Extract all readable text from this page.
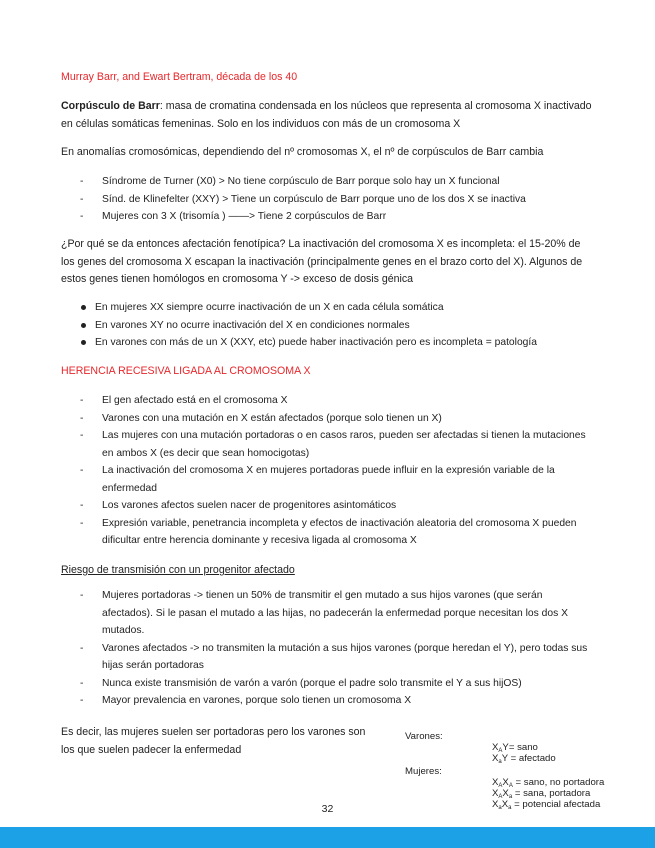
Murray Barr, and Ewart Bertram, década de los 40
Corpúsculo de Barr: masa de cromatina condensada en los núcleos que representa al cromosoma X inactivado en células somáticas femeninas. Solo en los individuos con más de un cromosoma X
En anomalías cromosómicas, dependiendo del nº cromosomas X, el nº de corpúsculos de Barr cambia
- Síndrome de Turner (X0) > No tiene corpúsculo de Barr porque solo hay un X funcional
- Sínd. de Klinefelter (XXY) > Tiene un corpúsculo de Barr porque uno de los dos X se inactiva
- Mujeres con 3 X (trisomía ) ——> Tiene 2 corpúsculos de Barr
¿Por qué se da entonces afectación fenotípica? La inactivación del cromosoma X es incompleta: el 15-20% de los genes del cromosoma X escapan la inactivación (principalmente genes en el brazo corto del X). Algunos de estos genes tienen homólogos en cromosoma Y -> exceso de dosis génica
En mujeres XX siempre ocurre inactivación de un X en cada célula somática
En varones XY no ocurre inactivación del X en condiciones normales
En varones con más de un X (XXY, etc) puede haber inactivación pero es incompleta = patología
HERENCIA RECESIVA LIGADA AL CROMOSOMA X
- El gen afectado está en el cromosoma X
- Varones con una mutación en X están afectados (porque solo tienen un X)
- Las mujeres con una mutación portadoras o en casos raros, pueden ser afectadas si tienen la mutaciones en ambos X (es decir que sean homocigotas)
- La inactivación del cromosoma X en mujeres portadoras puede influir en la expresión variable de la enfermedad
- Los varones afectos suelen nacer de progenitores asintomáticos
- Expresión variable, penetrancia incompleta y efectos de inactivación aleatoria del cromosoma X pueden dificultar entre herencia dominante y recesiva ligada al cromosoma X
Riesgo de transmisión con un progenitor afectado
- Mujeres portadoras -> tienen un 50% de transmitir el gen mutado a sus hijos varones (que serán afectados). Si le pasan el mutado a las hijas, no padecerán la enfermedad porque necesitan los dos X mutados.
- Varones afectados -> no transmiten la mutación a sus hijos varones (porque heredan el Y), pero todas sus hijas serán portadoras
- Nunca existe transmisión de varón a varón (porque el padre solo transmite el Y a sus hijOS)
- Mayor prevalencia en varones, porque solo tienen un cromosoma X
Es decir, las mujeres suelen ser portadoras pero los varones son los que suelen padecer la enfermedad
Varones:
$X_AY=$ sano
$X_aY$ = afectado
Mujeres:
$X_AX_A$ = sano, no portadora
$X_AX_a$ = sana, portadora
$X_aX_a$ = potencial afectada
32
